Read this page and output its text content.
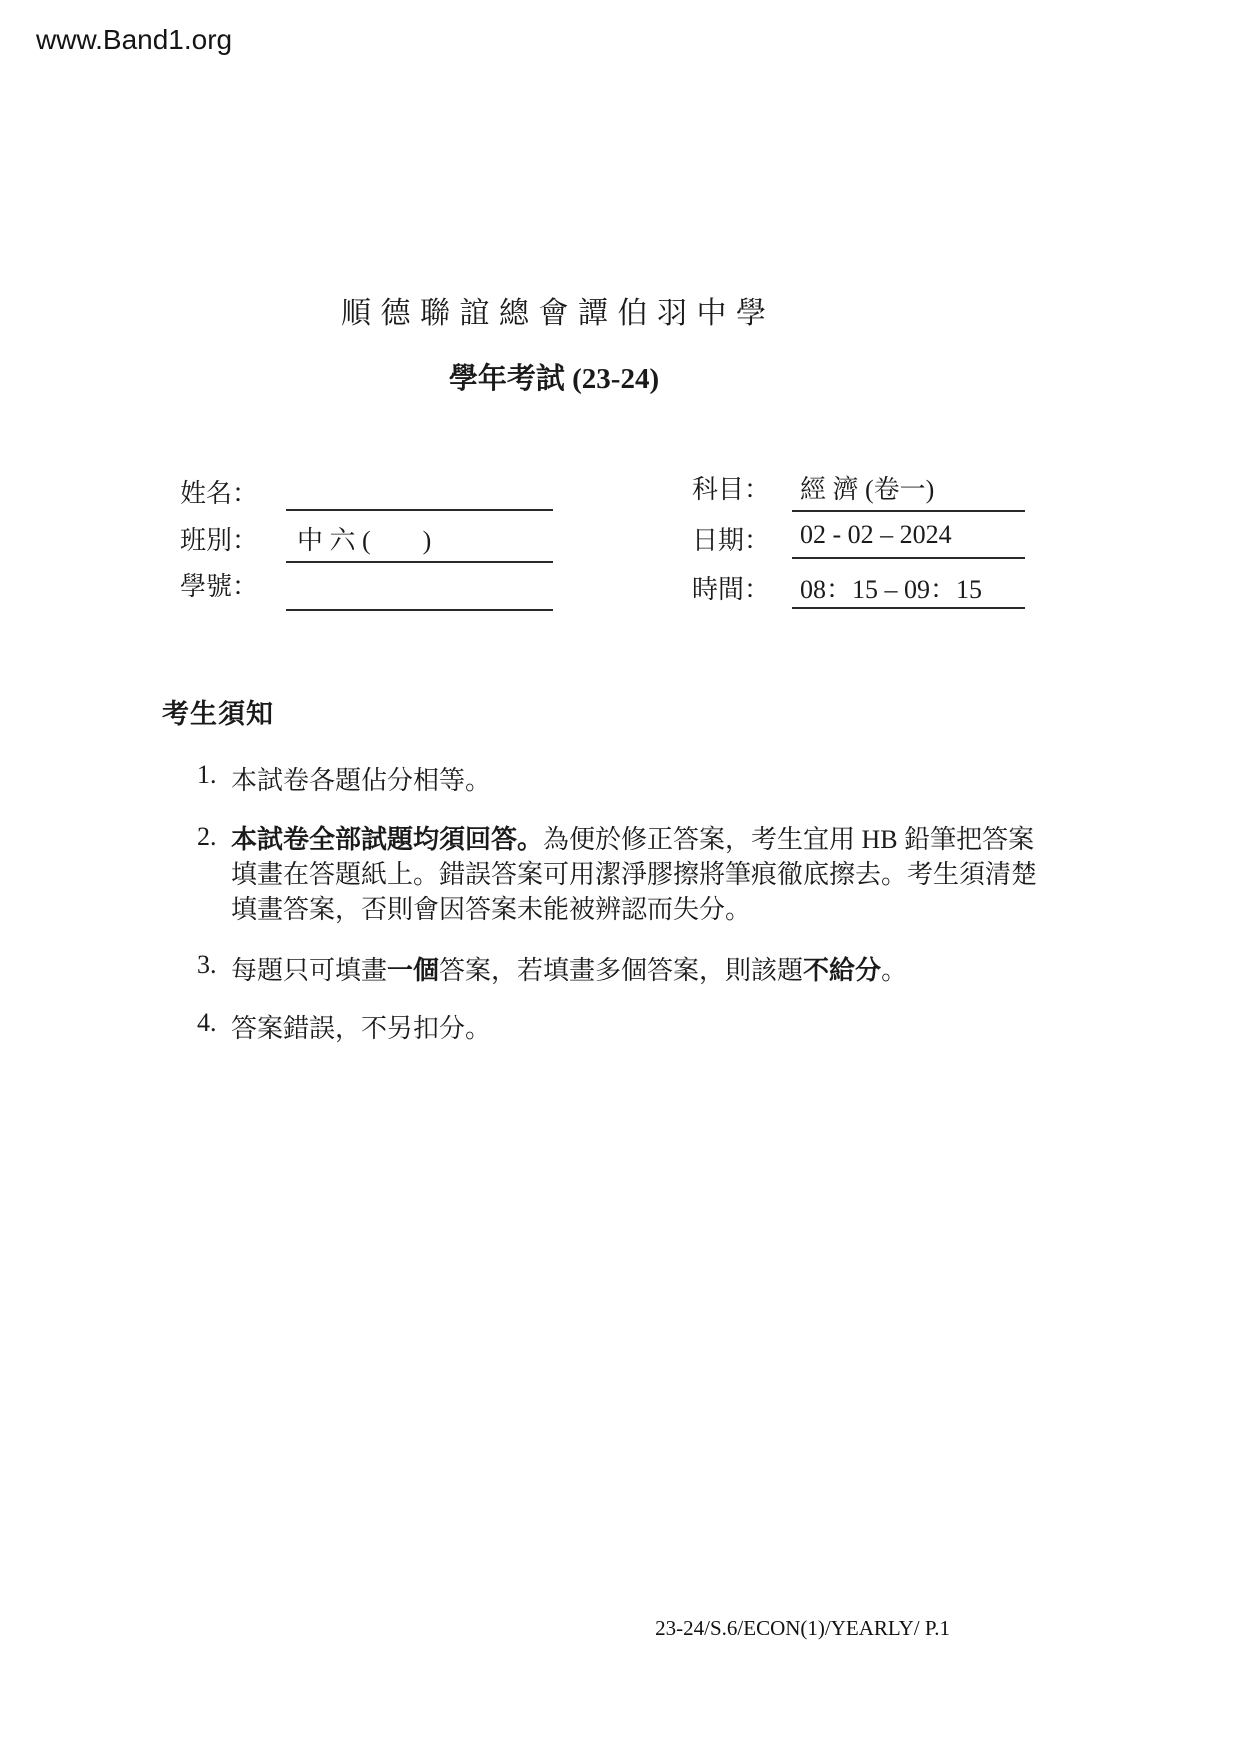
www.Band1.org
順 德 聯 誼 總 會 譚 伯 羽 中 學
學年考試 (23-24)
姓名：
班別： 中 六 (　　)
學號：
科目： 經 濟 (卷一)
日期： 02 - 02 – 2024
時間： 08：15 – 09：15
考生須知
1. 本試卷各題佔分相等。
2. 本試卷全部試題均須回答。為便於修正答案，考生宜用 HB 鉛筆把答案
填畫在答題紙上。錯誤答案可用潔淨膠擦將筆痕徹底擦去。考生須清楚
填畫答案，否則會因答案未能被辨認而失分。
3. 每題只可填畫一個答案，若填畫多個答案，則該題不給分。
4. 答案錯誤，不另扣分。
23-24/S.6/ECON(1)/YEARLY/ P.1
